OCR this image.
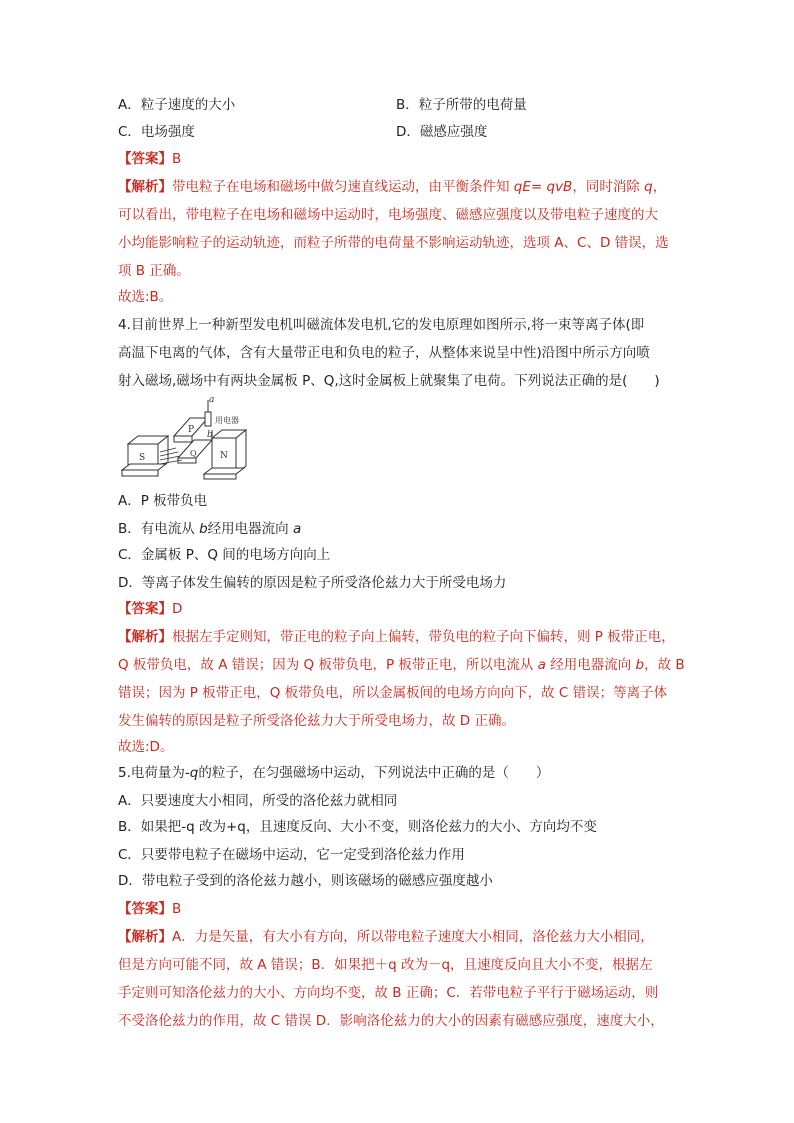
A．粒子速度的大小	B．粒子所带的电荷量
C．电场强度	D．磁感应强度
【答案】B
【解析】带电粒子在电场和磁场中做匀速直线运动，由平衡条件知 qE= qvB，同时消除 q，
可以看出，带电粒子在电场和磁场中运动时，电场强度、磁感应强度以及带电粒子速度的大
小均能影响粒子的运动轨迹，而粒子所带的电荷量不影响运动轨迹，选项 A、C、D 错误，选
项 B 正确。
故选:B。
4.目前世界上一种新型发电机叫磁流体发电机,它的发电原理如图所示,将一束等离子体(即
高温下电离的气体，含有大量带正电和负电的粒子，从整体来说呈中性)沿图中所示方向喷
射入磁场,磁场中有两块金属板 P、Q,这时金属板上就聚集了电荷。下列说法正确的是(　　)
a
用电器
b
S
P
Q	N
A．P 板带负电
B．有电流从 b经用电器流向 a
C．金属板 P、Q 间的电场方向向上
D．等离子体发生偏转的原因是粒子所受洛伦兹力大于所受电场力
【答案】D
【解析】根据左手定则知，带正电的粒子向上偏转，带负电的粒子向下偏转，则 P 板带正电，
Q 板带负电，故 A 错误；因为 Q 板带负电，P 板带正电，所以电流从 a 经用电器流向 b，故 B
错误；因为 P 板带正电，Q 板带负电，所以金属板间的电场方向向下，故 C 错误；等离子体
发生偏转的原因是粒子所受洛伦兹力大于所受电场力，故 D 正确。
故选:D。
5.电荷量为-q的粒子，在匀强磁场中运动，下列说法中正确的是（　　）
A．只要速度大小相同，所受的洛伦兹力就相同
B．如果把-q 改为+q，且速度反向、大小不变，则洛伦兹力的大小、方向均不变
C．只要带电粒子在磁场中运动，它一定受到洛伦兹力作用
D．带电粒子受到的洛伦兹力越小，则该磁场的磁感应强度越小
【答案】B
【解析】A．力是矢量，有大小有方向，所以带电粒子速度大小相同，洛伦兹力大小相同，
但是方向可能不同，故 A 错误；B．如果把＋q 改为－q，且速度反向且大小不变，根据左
手定则可知洛伦兹力的大小、方向均不变，故 B 正确；C．若带电粒子平行于磁场运动，则
不受洛伦兹力的作用，故 C 错误 D．影响洛伦兹力的大小的因素有磁感应强度，速度大小，
